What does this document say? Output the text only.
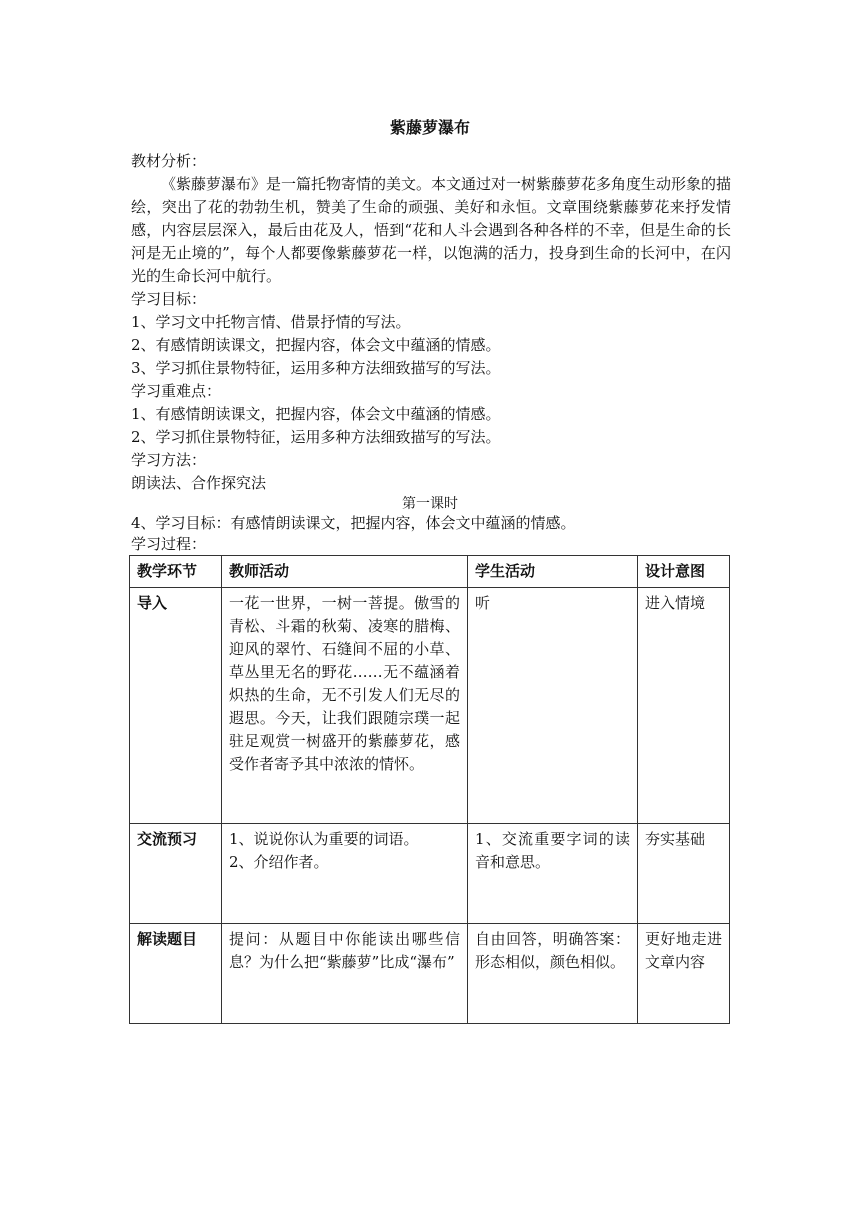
紫藤萝瀑布
教材分析：
《紫藤萝瀑布》是一篇托物寄情的美文。本文通过对一树紫藤萝花多角度生动形象的描绘，突出了花的勃勃生机，赞美了生命的顽强、美好和永恒。文章围绕紫藤萝花来抒发情感，内容层层深入，最后由花及人，悟到“花和人斗会遇到各种各样的不幸，但是生命的长河是无止境的”，每个人都要像紫藤萝花一样，以饱满的活力，投身到生命的长河中，在闪光的生命长河中航行。
学习目标：
1、学习文中托物言情、借景抒情的写法。
2、有感情朗读课文，把握内容，体会文中蕴涵的情感。
3、学习抓住景物特征，运用多种方法细致描写的写法。
学习重难点：
1、有感情朗读课文，把握内容，体会文中蕴涵的情感。
2、学习抓住景物特征，运用多种方法细致描写的写法。
学习方法：
朗读法、合作探究法
第一课时
4、学习目标：有感情朗读课文，把握内容，体会文中蕴涵的情感。
学习过程：
教学环节	教师活动	学生活动	设计意图
导入	一花一世界，一树一菩提。傲雪的青松、斗霜的秋菊、凌寒的腊梅、迎风的翠竹、石缝间不屈的小草、草丛里无名的野花……无不蕴涵着炽热的生命，无不引发人们无尽的遐思。今天，让我们跟随宗璞一起驻足观赏一树盛开的紫藤萝花，感受作者寄予其中浓浓的情怀。	听	进入情境
交流预习	1、说说你认为重要的词语。
2、介绍作者。	1、交流重要字词的读音和意思。	夯实基础
解读题目	提问：从题目中你能读出哪些信息？为什么把“紫藤萝”比成“瀑布”	自由回答，明确答案：形态相似，颜色相似。	更好地走进文章内容
